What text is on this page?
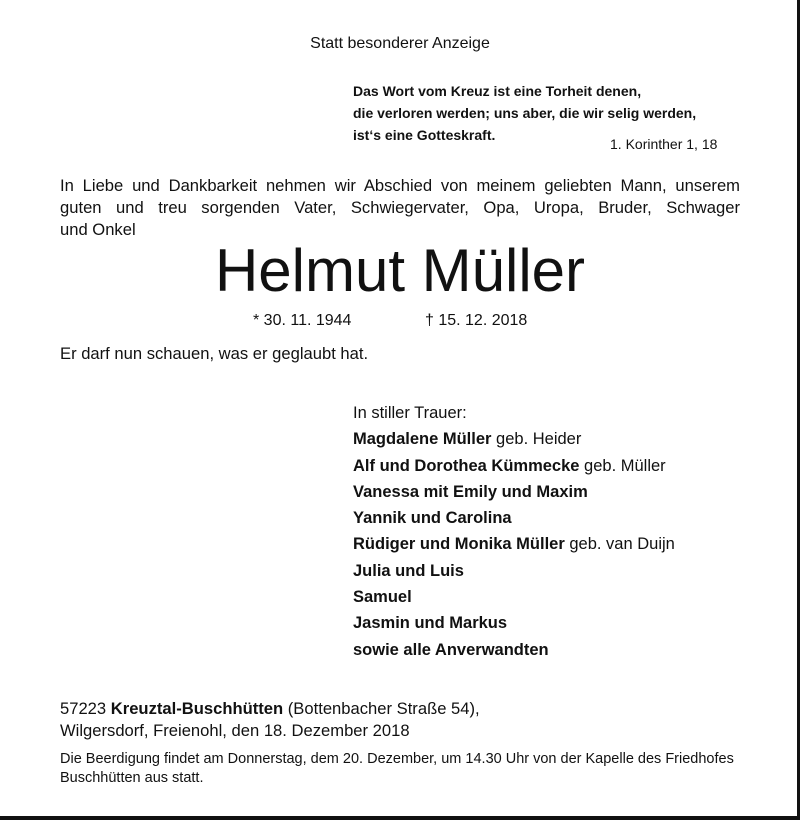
Statt besonderer Anzeige
Das Wort vom Kreuz ist eine Torheit denen,
die verloren werden; uns aber, die wir selig werden,
ist‘s eine Gotteskraft.
1. Korinther 1, 18
In Liebe und Dankbarkeit nehmen wir Abschied von meinem geliebten Mann, unserem
guten und treu sorgenden Vater, Schwiegervater, Opa, Uropa, Bruder, Schwager
und Onkel
Helmut Müller
* 30. 11. 1944	† 15. 12. 2018
Er darf nun schauen, was er geglaubt hat.
In stiller Trauer:
Magdalene Müller geb. Heider
Alf und Dorothea Kümmecke geb. Müller
Vanessa mit Emily und Maxim
Yannik und Carolina
Rüdiger und Monika Müller geb. van Duijn
Julia und Luis
Samuel
Jasmin und Markus
sowie alle Anverwandten
57223 Kreuztal-Buschhütten (Bottenbacher Straße 54),
Wilgersdorf, Freienohl, den 18. Dezember 2018
Die Beerdigung findet am Donnerstag, dem 20. Dezember, um 14.30 Uhr von der Kapelle des Friedhofes Buschhütten aus statt.
